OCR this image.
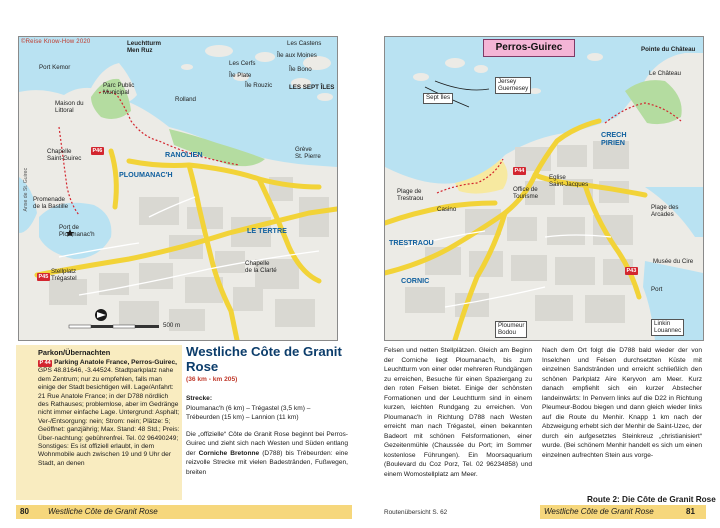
©Reise Know-How 2020	Leuchtturm
Men Ruz
Les Castens
Île aux Moines
Les Cerfs
Île Bono
Île Plate
Île Rouzic	LES SEPT ÎLES
Port Kemor
Parc Public
Municipal
Rolland
Maison du
Littoral
Chapelle
Saint-Guirec
P46	RANOLIEN
Grève
St. Pierre
PLOUMANAC'H
Anse de St. Guirec Promenade
de la Bastille
Port de
Ploumanac'h	LE TERTRE
Chapelle
de la Clarté
P45
Stellplatz
Trégastel
500 m
Jersey
Guernesey
Sept Îles
Pointe du Château
Le Château
CRECH
PIRIEN
P44
Office de
Tourisme
Eglise
Saint-Jacques
Plage de
Trestraou
Casino	Plage des
Arcades
TRESTRAOU
Musée du Cire
P43
CORNIC
Port
Ploumeur
Bodou
Linkin
Louannec
Perros-Guirec
Parkon/Übernachten

P 44 Parking Anatole France, Perros-Guirec,

GPS 48.81646, -3.44524. Stadtparkplatz nahe dem Zentrum; nur zu empfehlen, falls man einige der Stadt besichtigen will. Lage/Anfahrt: 21 Rue Anatole France; in der D788 nördlich des Rathauses; problemlose, aber im Gedränge nicht immer einfache Lage. Untergrund: Asphalt; Ver-/Entsorgung: nein; Strom: nein; Plätze: 5; Geöffnet: ganzjährig; Max. Stand: 48 Std.; Preis: Über-nachtung: gebührenfrei. Tel. 02 96490249; Sonstiges: Es ist offiziell erlaubt, in dem Wohnmobile auch zwischen 19 und 9 Uhr der Stadt, an denen

Westliche Côte de Granit Rose
(36 km - km 205)

Strecke:

Ploumanac'h (6 km) – Trégastel (3,5 km) –

Trébeurden (15 km) – Lannion (11 km)

Die „offizielle“ Côte de Granit Rose beginnt bei Perros-Guirec und zieht sich nach Westen und Süden entlang der Corniche Bretonne (D788) bis Trébeurden: eine reizvolle Strecke mit vielen Badestränden, Fußwegen, breiten

Felsen und netten Stellplätzen. Gleich am Beginn der Corniche liegt Ploumanac'h, bis zum Leuchtturm von einer oder mehreren Rundgängen zu erreichen, Besuche für einen Spaziergang zu den roten Felsen bietet. Einige der schönsten Formationen und der Leuchtturm sind in einem kurzen, leichten Rundgang zu erreichen. Von Ploumanac'h in Richtung D788 nach Westen erreicht man nach Trégastel, einen bekannten Badeort mit schönen Felsformationen, einer Gezeitenmühle (Chaussée du Port; im Sommer kostenlose Führungen). Ein Moorsaquarium (Boulevard du Coz Porz, Tel. 02 96234858) und einem Womostellplatz am Meer.

Nach dem Ort folgt die D788 bald wieder der von Inselchen und Felsen durchsetzten Küste mit einzelnen Sandstränden und erreicht schließlich den schönen Parkplatz Aire Keryvon am Meer. Kurz danach empfiehlt sich ein kurzer Abstecher landeinwärts: In Penvern links auf die D22 in Richtung Pleumeur-Bodou biegen und dann gleich wieder links auf die Route du Menhir. Knapp 1 km nach der Abzweigung erhebt sich der Menhir de Saint-Uzec, der durch ein aufgesetztes Steinkreuz „christianisiert“ wurde. (Bei schönem Menhir handelt es sich um einen einzelnen aufrechten Stein aus vorge-

80 Westliche Côte de Granit Rose	Routenübersicht S. 62	Westliche Côte de Granit Rose	81
Route 2: Die Côte de Granit Rose
